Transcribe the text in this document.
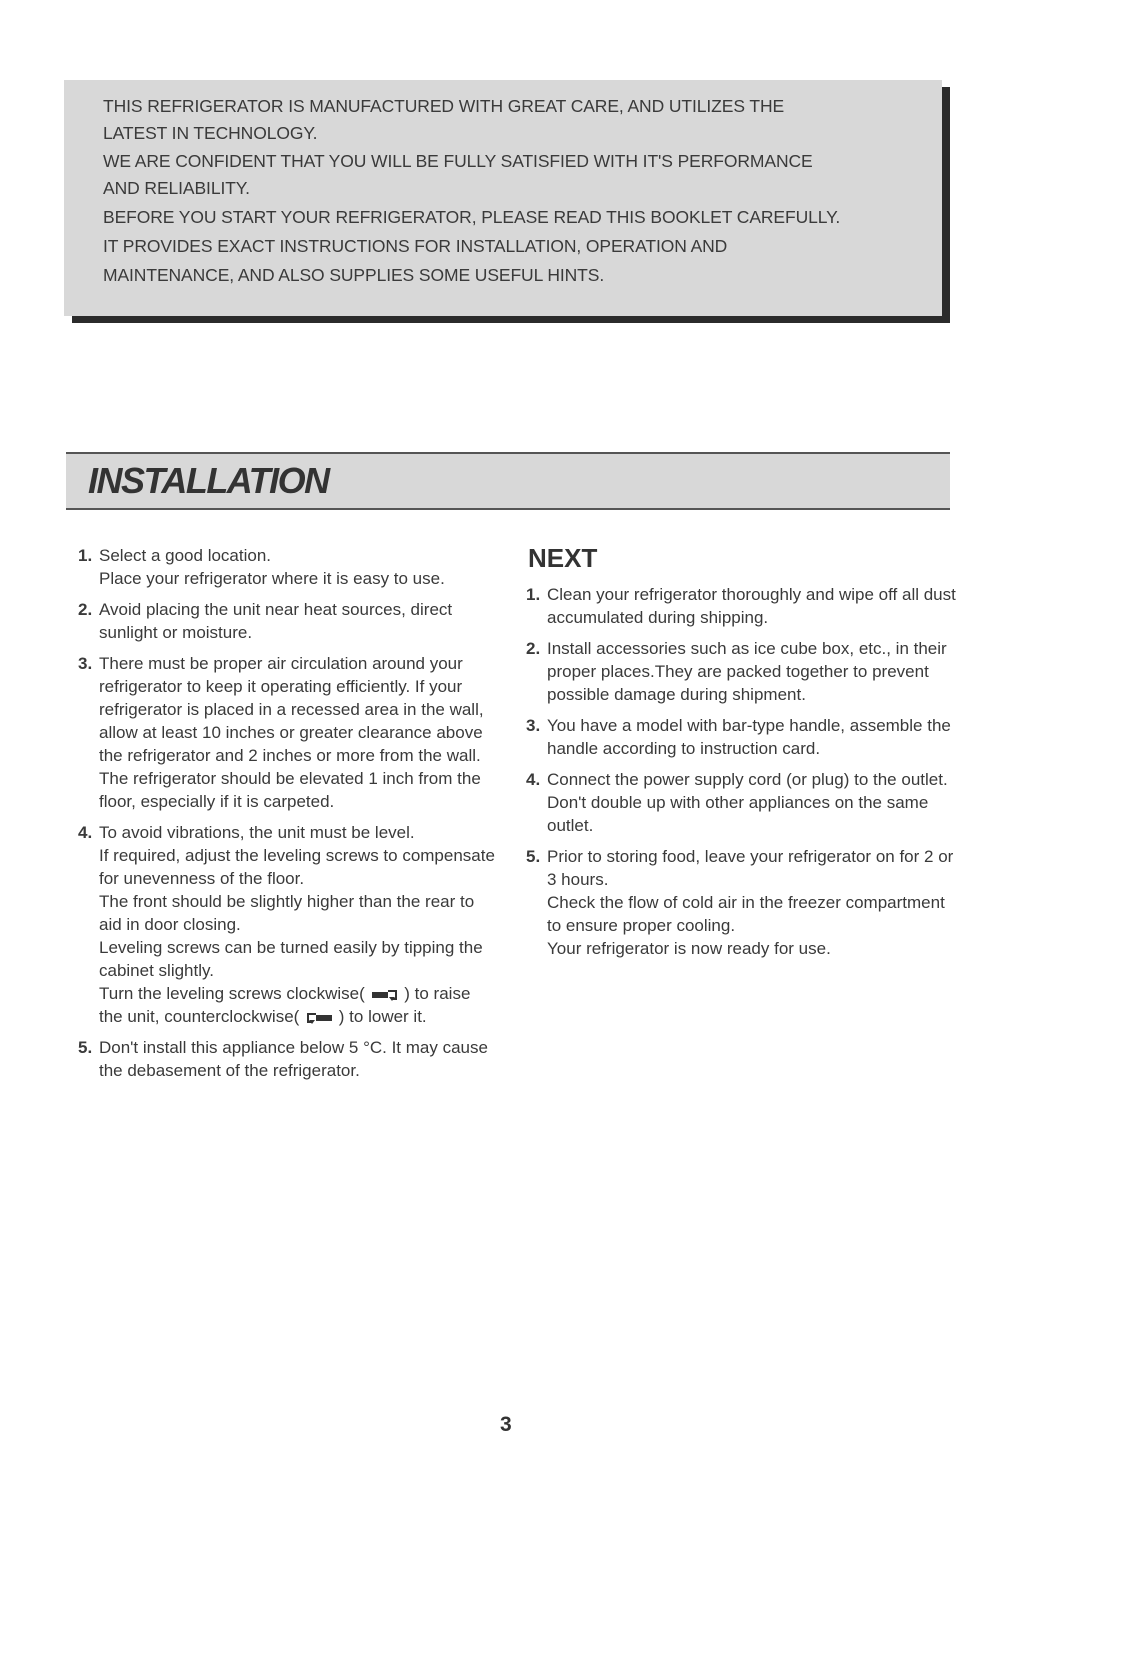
THIS REFRIGERATOR IS MANUFACTURED WITH GREAT CARE, AND UTILIZES THE

LATEST IN TECHNOLOGY.

WE ARE CONFIDENT THAT YOU WILL BE FULLY SATISFIED WITH IT'S PERFORMANCE

AND RELIABILITY.

BEFORE YOU START YOUR REFRIGERATOR, PLEASE READ THIS BOOKLET CAREFULLY.

IT PROVIDES EXACT INSTRUCTIONS FOR INSTALLATION, OPERATION AND

MAINTENANCE, AND ALSO SUPPLIES SOME USEFUL HINTS.

INSTALLATION
1. Select a good location.
Place your refrigerator where it is easy to use.
2. Avoid placing the unit near heat sources, direct sunlight or moisture.
3. There must be proper air circulation around your refrigerator to keep it operating efficiently. If your refrigerator is placed in a recessed area in the wall, allow at least 10 inches or greater clearance above the refrigerator and 2 inches or more from the wall.
The refrigerator should be elevated 1 inch from the floor, especially if it is carpeted.
4. To avoid vibrations, the unit must be level.
If required, adjust the leveling screws to compensate for unevenness of the floor.
The front should be slightly higher than the rear to aid in door closing.
Leveling screws can be turned easily by tipping the cabinet slightly.
Turn the leveling screws clockwise( ) to raise the unit, counterclockwise( ) to lower it.
5. Don't install this appliance below 5 °C. It may cause the debasement of the refrigerator.
NEXT
1. Clean your refrigerator thoroughly and wipe off all dust accumulated during shipping.
2. Install accessories such as ice cube box, etc., in their proper places.They are packed together to prevent possible damage during shipment.
3. You have a model with bar-type handle, assemble the handle according to instruction card.
4. Connect the power supply cord (or plug) to the outlet. Don't double up with other appliances on the same outlet.
5. Prior to storing food, leave your refrigerator on for 2 or 3 hours.
Check the flow of cold air in the freezer compartment to ensure proper cooling.
Your refrigerator is now ready for use.
3
